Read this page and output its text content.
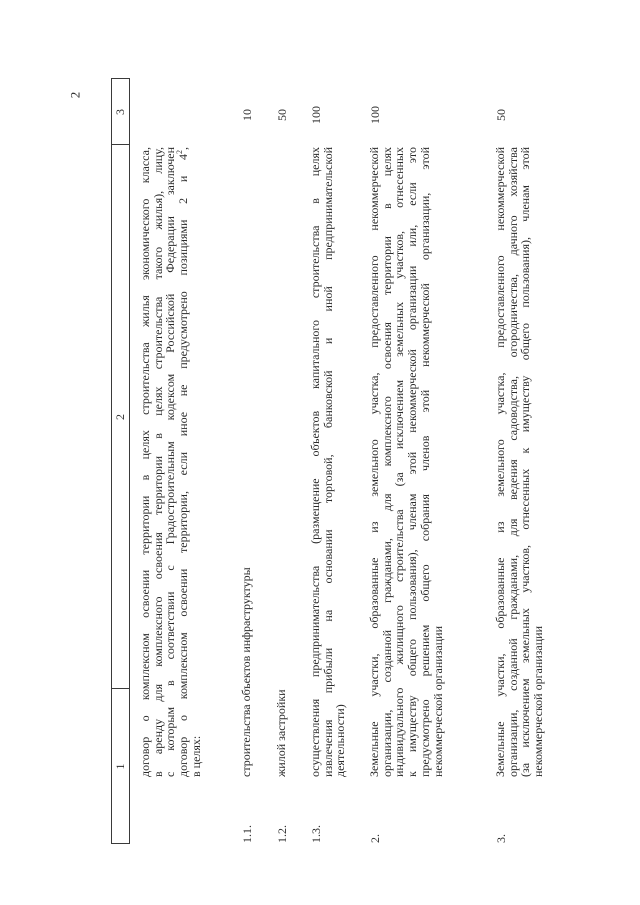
2
1
2
3
договор о комплексном освоении территории в целях строительства жилья экономического класса,
в аренду для комплексного освоения территории в целях строительства такого жилья), лицу,
с которым в соответствии с Градостроительным кодексом Российской Федерации заключен
договор о комплексном освоении территории, если иное не предусмотрено позициями 2 и $4^2$,
в целях:
1.1.
строительства объектов инфраструктуры
10
1.2.
жилой застройки
50
1.3.
осуществления предпринимательства (размещение объектов капитального строительства в целях
извлечения прибыли на основании торговой, банковской и иной предпринимательской
деятельности)
100
2.
Земельные участки, образованные из земельного участка, предоставленного некоммерческой
организации, созданной гражданами, для комплексного освоения территории в целях
индивидуального жилищного строительства (за исключением земельных участков, отнесенных
к имуществу общего пользования), членам этой некоммерческой организации или, если это
предусмотрено решением общего собрания членов этой некоммерческой организации, этой
некоммерческой организации
100
3.
Земельные участки, образованные из земельного участка, предоставленного некоммерческой
организации, созданной гражданами, для ведения садоводства, огородничества, дачного хозяйства
(за исключением земельных участков, отнесенных к имуществу общего пользования), членам этой
некоммерческой организации
50
